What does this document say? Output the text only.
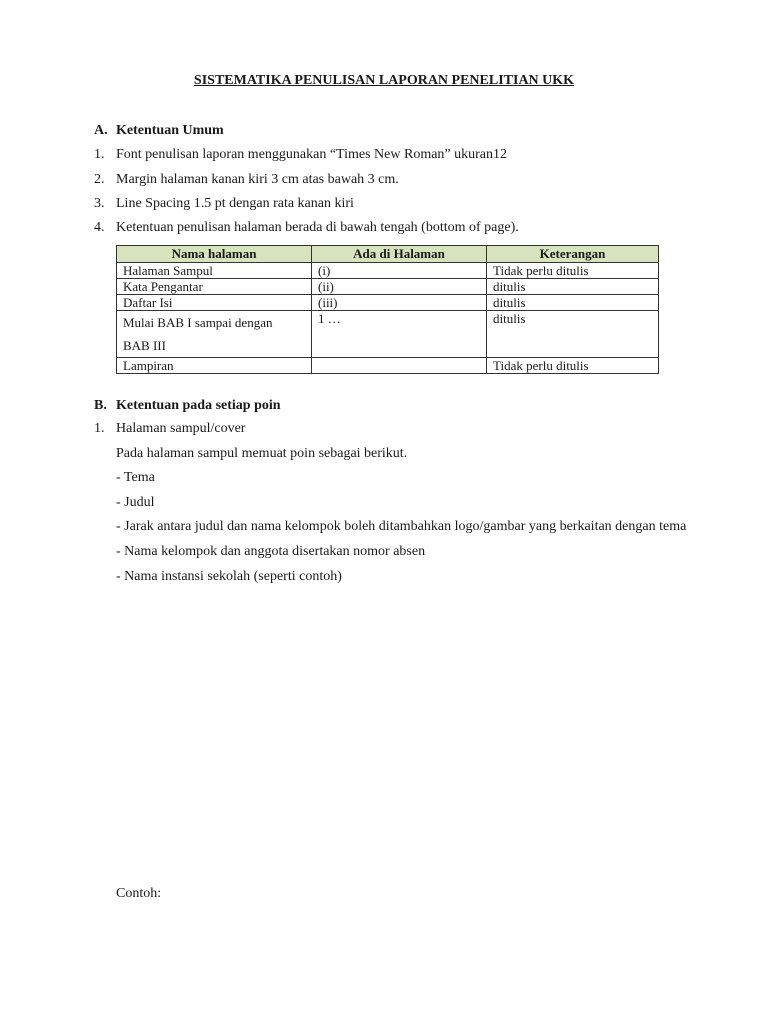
SISTEMATIKA PENULISAN LAPORAN PENELITIAN UKK
A. Ketentuan Umum
1. Font penulisan laporan menggunakan “Times New Roman” ukuran12
2. Margin halaman kanan kiri 3 cm atas bawah 3 cm.
3. Line Spacing 1.5 pt dengan rata kanan kiri
4. Ketentuan penulisan halaman berada di bawah tengah (bottom of page).
Nama halaman	Ada di Halaman	Keterangan
Halaman Sampul	(i)	Tidak perlu ditulis
Kata Pengantar	(ii)	ditulis
Daftar Isi	(iii)	ditulis

Mulai BAB I sampai dengan BAB III	1 …	ditulis
Lampiran		Tidak perlu ditulis
B. Ketentuan pada setiap poin
1. Halaman sampul/cover
Pada halaman sampul memuat poin sebagai berikut.
- Tema
- Judul
- Jarak antara judul dan nama kelompok boleh ditambahkan logo/gambar yang berkaitan dengan tema
- Nama kelompok dan anggota disertakan nomor absen
- Nama instansi sekolah (seperti contoh)
Contoh:
